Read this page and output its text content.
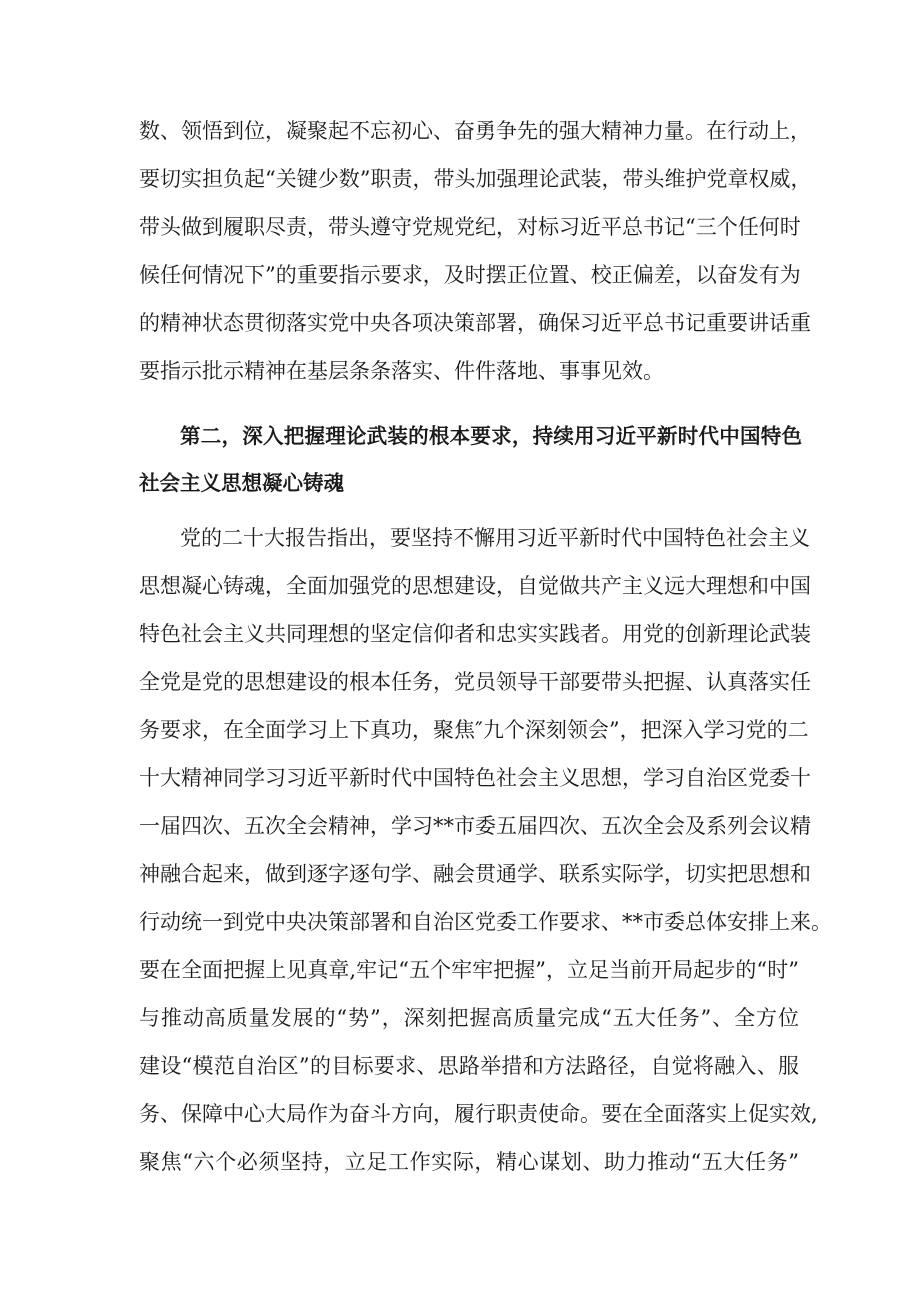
数、领悟到位，凝聚起不忘初心、奋勇争先的强大精神力量。在行动上，
要切实担负起“关键少数”职责，带头加强理论武装，带头维护党章权威，
带头做到履职尽责，带头遵守党规党纪，对标习近平总书记“三个任何时
候任何情况下”的重要指示要求，及时摆正位置、校正偏差，以奋发有为
的精神状态贯彻落实党中央各项决策部署，确保习近平总书记重要讲话重
要指示批示精神在基层条条落实、件件落地、事事见效。
第二，深入把握理论武装的根本要求，持续用习近平新时代中国特色
社会主义思想凝心铸魂
党的二十大报告指出，要坚持不懈用习近平新时代中国特色社会主义
思想凝心铸魂，全面加强党的思想建设，自觉做共产主义远大理想和中国
特色社会主义共同理想的坚定信仰者和忠实实践者。用党的创新理论武装
全党是党的思想建设的根本任务，党员领导干部要带头把握、认真落实任
务要求，在全面学习上下真功，聚焦″九个深刻领会”，把深入学习党的二
十大精神同学习习近平新时代中国特色社会主义思想，学习自治区党委十
一届四次、五次全会精神，学习**市委五届四次、五次全会及系列会议精
神融合起来，做到逐字逐句学、融会贯通学、联系实际学，切实把思想和
行动统一到党中央决策部署和自治区党委工作要求、**市委总体安排上来。
要在全面把握上见真章,牢记“五个牢牢把握”，立足当前开局起步的“时”
与推动高质量发展的“势”，深刻把握高质量完成“五大任务”、全方位
建设“模范自治区”的目标要求、思路举措和方法路径，自觉将融入、服
务、保障中心大局作为奋斗方向，履行职责使命。要在全面落实上促实效,
聚焦“六个必须坚持，立足工作实际，精心谋划、助力推动“五大任务”
